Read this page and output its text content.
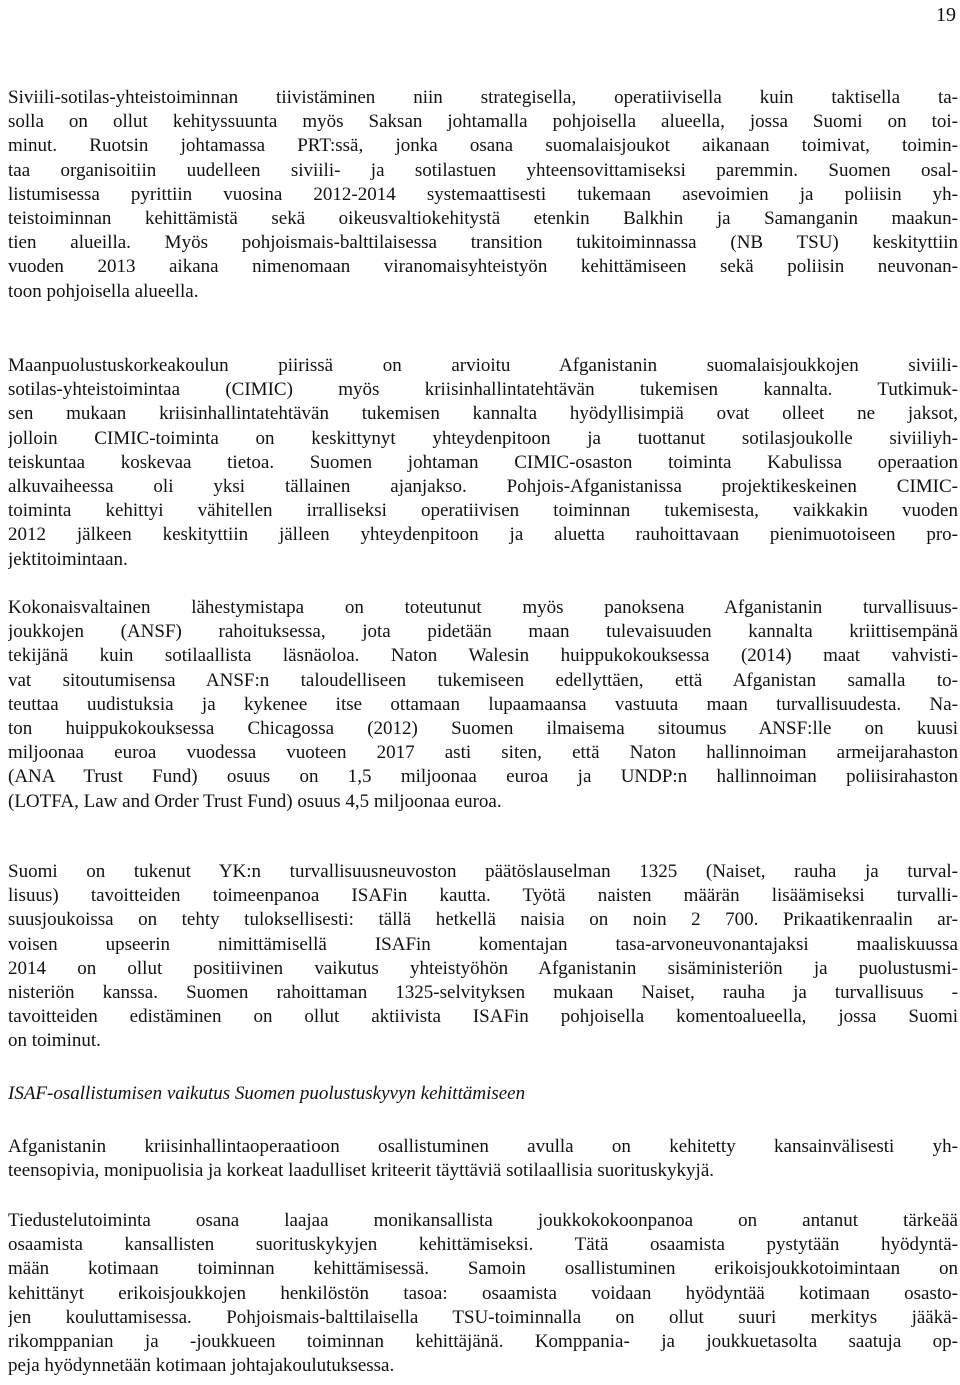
19
Siviili-sotilas-yhteistoiminnan tiivistäminen niin strategisella, operatiivisella kuin taktisella ta-
solla on ollut kehityssuunta myös Saksan johtamalla pohjoisella alueella, jossa Suomi on toi-
minut. Ruotsin johtamassa PRT:ssä, jonka osana suomalaisjoukot aikanaan toimivat, toimin-
taa organisoitiin uudelleen siviili- ja sotilastuen yhteensovittamiseksi paremmin. Suomen osal-
listumisessa pyrittiin vuosina 2012-2014 systemaattisesti tukemaan asevoimien ja poliisin yh-
teistoiminnan kehittämistä sekä oikeusvaltiokehitystä etenkin Balkhin ja Samanganin maakun-
tien alueilla. Myös pohjoismais-balttilaisessa transition tukitoiminnassa (NB TSU) keskityttiin
vuoden 2013 aikana nimenomaan viranomaisyhteistyön kehittämiseen sekä poliisin neuvonan-
toon pohjoisella alueella.
Maanpuolustuskorkeakoulun piirissä on arvioitu Afganistanin suomalaisjoukkojen siviili-
sotilas-yhteistoimintaa (CIMIC) myös kriisinhallintatehtävän tukemisen kannalta. Tutkimuk-
sen mukaan kriisinhallintatehtävän tukemisen kannalta hyödyllisimpiä ovat olleet ne jaksot,
jolloin CIMIC-toiminta on keskittynyt yhteydenpitoon ja tuottanut sotilasjoukolle siviiliyh-
teiskuntaa koskevaa tietoa. Suomen johtaman CIMIC-osaston toiminta Kabulissa operaation
alkuvaiheessa oli yksi tällainen ajanjakso. Pohjois-Afganistanissa projektikeskeinen CIMIC-
toiminta kehittyi vähitellen irralliseksi operatiivisen toiminnan tukemisesta, vaikkakin vuoden
2012 jälkeen keskityttiin jälleen yhteydenpitoon ja aluetta rauhoittavaan pienimuotoiseen pro-
jektitoimintaan.
Kokonaisvaltainen lähestymistapa on toteutunut myös panoksena Afganistanin turvallisuus-
joukkojen (ANSF) rahoituksessa, jota pidetään maan tulevaisuuden kannalta kriittisempänä
tekijänä kuin sotilaallista läsnäoloa. Naton Walesin huippukokouksessa (2014) maat vahvisti-
vat sitoutumisensa ANSF:n taloudelliseen tukemiseen edellyttäen, että Afganistan samalla to-
teuttaa uudistuksia ja kykenee itse ottamaan lupaamaansa vastuuta maan turvallisuudesta. Na-
ton huippukokouksessa Chicagossa (2012) Suomen ilmaisema sitoumus ANSF:lle on kuusi
miljoonaa euroa vuodessa vuoteen 2017 asti siten, että Naton hallinnoiman armeijarahaston
(ANA Trust Fund) osuus on 1,5 miljoonaa euroa ja UNDP:n hallinnoiman poliisirahaston
(LOTFA, Law and Order Trust Fund) osuus 4,5 miljoonaa euroa.
Suomi on tukenut YK:n turvallisuusneuvoston päätöslauselman 1325 (Naiset, rauha ja turval-
lisuus) tavoitteiden toimeenpanoa ISAFin kautta. Työtä naisten määrän lisäämiseksi turvalli-
suusjoukoissa on tehty tuloksellisesti: tällä hetkellä naisia on noin 2 700. Prikaatikenraalin ar-
voisen upseerin nimittämisellä ISAFin komentajan tasa-arvoneuvonantajaksi maaliskuussa
2014 on ollut positiivinen vaikutus yhteistyöhön Afganistanin sisäministeriön ja puolustusmi-
nisteriön kanssa. Suomen rahoittaman 1325-selvityksen mukaan Naiset, rauha ja turvallisuus -
tavoitteiden edistäminen on ollut aktiivista ISAFin pohjoisella komentoalueella, jossa Suomi
on toiminut.
ISAF-osallistumisen vaikutus Suomen puolustuskyvyn kehittämiseen
Afganistanin kriisinhallintaoperaatioon osallistuminen avulla on kehitetty kansainvälisesti yh-
teensopivia, monipuolisia ja korkeat laadulliset kriteerit täyttäviä sotilaallisia suorituskykyjä.
Tiedustelutoiminta osana laajaa monikansallista joukkokokoonpanoa on antanut tärkeää
osaamista kansallisten suorituskykyjen kehittämiseksi. Tätä osaamista pystytään hyödyntä-
mään kotimaan toiminnan kehittämisessä. Samoin osallistuminen erikoisjoukkotoimintaan on
kehittänyt erikoisjoukkojen henkilöstön tasoa: osaamista voidaan hyödyntää kotimaan osasto-
jen kouluttamisessa. Pohjoismais-balttilaisella TSU-toiminnalla on ollut suuri merkitys jääkä-
rikomppanian ja -joukkueen toiminnan kehittäjänä. Komppania- ja joukkuetasolta saatuja op-
peja hyödynnetään kotimaan johtajakoulutuksessa.
